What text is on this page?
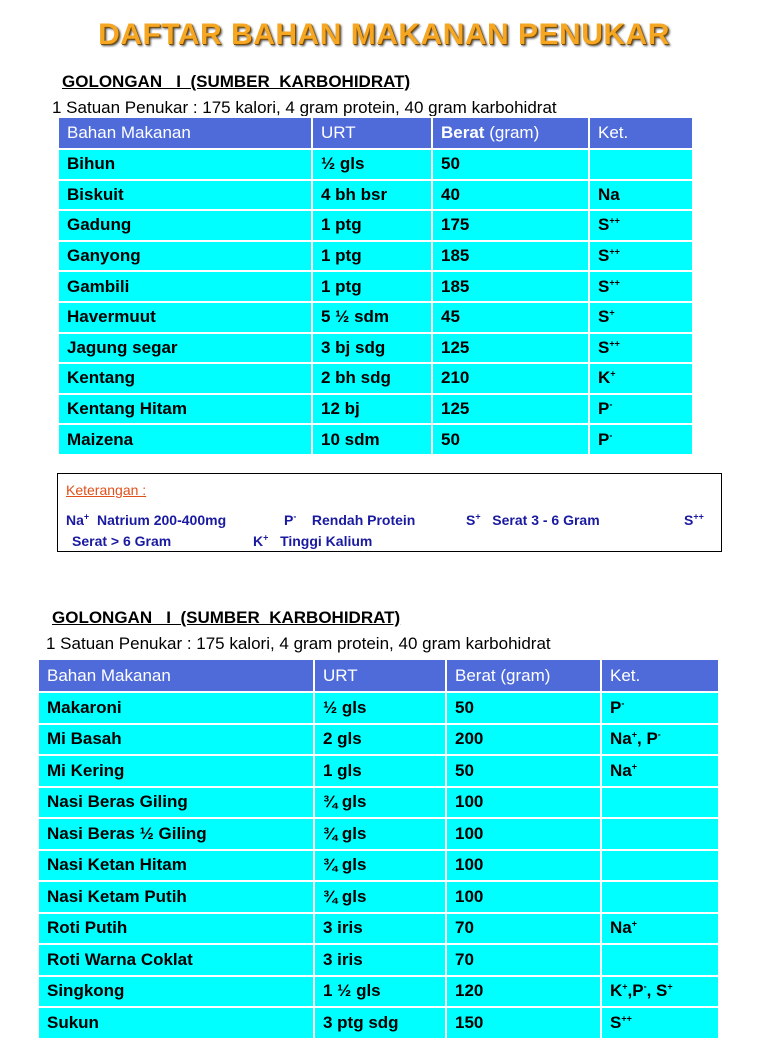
DAFTAR BAHAN MAKANAN PENUKAR
GOLONGAN   I  (SUMBER  KARBOHIDRAT)
1 Satuan Penukar : 175 kalori, 4 gram protein, 40 gram karbohidrat
Bahan Makanan	URT	Berat (gram)	Ket.
Bihun	½ gls	50	
Biskuit	4 bh bsr	40	Na
Gadung	1 ptg	175	S++
Ganyong	1 ptg	185	S++
Gambili	1 ptg	185	S++
Havermuut	5 ½ sdm	45	S+
Jagung segar	3 bj sdg	125	S++
Kentang	2 bh sdg	210	K+
Kentang Hitam	12 bj	125	P-
Maizena	10 sdm	50	P-
Keterangan :
Na+ Natrium 200-400mg	P- Rendah Protein	S+ Serat 3 - 6 Gram	S++
Serat > 6 Gram	K+ Tinggi Kalium
GOLONGAN   I  (SUMBER  KARBOHIDRAT)
1 Satuan Penukar : 175 kalori, 4 gram protein, 40 gram karbohidrat
Bahan Makanan	URT	Berat (gram)	Ket.
Makaroni	½ gls	50	P-
Mi Basah	2 gls	200	Na+, P-
Mi Kering	1 gls	50	Na+
Nasi Beras Giling	¾ gls	100	
Nasi Beras ½ Giling	¾ gls	100	
Nasi Ketan Hitam	¾ gls	100	
Nasi Ketam Putih	¾ gls	100	
Roti Putih	3 iris	70	Na+
Roti Warna Coklat	3 iris	70	
Singkong	1 ½ gls	120	K+,P-, S+
Sukun	3 ptg sdg	150	S++
